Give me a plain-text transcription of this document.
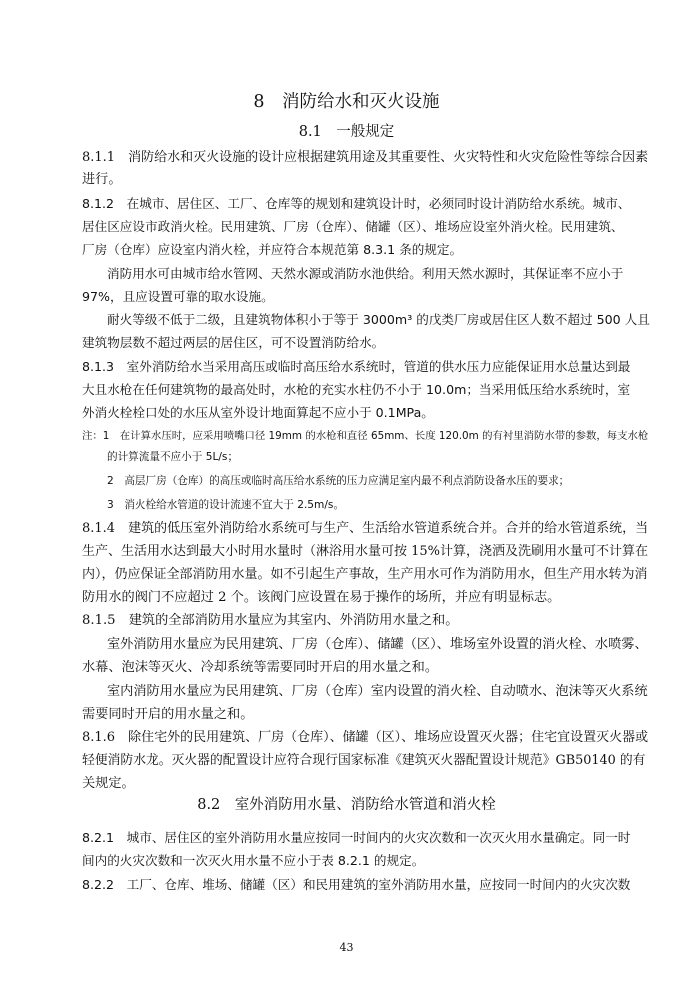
8　消防给水和灭火设施
8.1　一般规定
8.1.1　消防给水和灭火设施的设计应根据建筑用途及其重要性、火灾特性和火灾危险性等综合因素
进行。
8.1.2　在城市、居住区、工厂、仓库等的规划和建筑设计时，必须同时设计消防给水系统。城市、
居住区应设市政消火栓。民用建筑、厂房（仓库）、储罐（区）、堆场应设室外消火栓。民用建筑、
厂房（仓库）应设室内消火栓，并应符合本规范第 8.3.1 条的规定。
消防用水可由城市给水管网、天然水源或消防水池供给。利用天然水源时，其保证率不应小于
97%，且应设置可靠的取水设施。
耐火等级不低于二级，且建筑物体积小于等于 3000m³ 的戊类厂房或居住区人数不超过 500 人且
建筑物层数不超过两层的居住区，可不设置消防给水。
8.1.3　室外消防给水当采用高压或临时高压给水系统时，管道的供水压力应能保证用水总量达到最
大且水枪在任何建筑物的最高处时，水枪的充实水柱仍不小于 10.0m；当采用低压给水系统时，室
外消火栓栓口处的水压从室外设计地面算起不应小于 0.1MPa。
注：1　在计算水压时，应采用喷嘴口径 19mm 的水枪和直径 65mm、长度 120.0m 的有衬里消防水带的参数，每支水枪
的计算流量不应小于 5L/s；
2　高层厂房（仓库）的高压或临时高压给水系统的压力应满足室内最不利点消防设备水压的要求；
3　消火栓给水管道的设计流速不宜大于 2.5m/s。
8.1.4　建筑的低压室外消防给水系统可与生产、生活给水管道系统合并。合并的给水管道系统，当
生产、生活用水达到最大小时用水量时（淋浴用水量可按 15%计算，浇洒及洗刷用水量可不计算在
内），仍应保证全部消防用水量。如不引起生产事故，生产用水可作为消防用水，但生产用水转为消
防用水的阀门不应超过 2 个。该阀门应设置在易于操作的场所，并应有明显标志。
8.1.5　建筑的全部消防用水量应为其室内、外消防用水量之和。
室外消防用水量应为民用建筑、厂房（仓库）、储罐（区）、堆场室外设置的消火栓、水喷雾、
水幕、泡沫等灭火、冷却系统等需要同时开启的用水量之和。
室内消防用水量应为民用建筑、厂房（仓库）室内设置的消火栓、自动喷水、泡沫等灭火系统
需要同时开启的用水量之和。
8.1.6　除住宅外的民用建筑、厂房（仓库）、储罐（区）、堆场应设置灭火器；住宅宜设置灭火器或
轻便消防水龙。灭火器的配置设计应符合现行国家标准《建筑灭火器配置设计规范》GB50140 的有
关规定。
8.2　室外消防用水量、消防给水管道和消火栓
8.2.1　城市、居住区的室外消防用水量应按同一时间内的火灾次数和一次灭火用水量确定。同一时
间内的火灾次数和一次灭火用水量不应小于表 8.2.1 的规定。
8.2.2　工厂、仓库、堆场、储罐（区）和民用建筑的室外消防用水量，应按同一时间内的火灾次数
43
